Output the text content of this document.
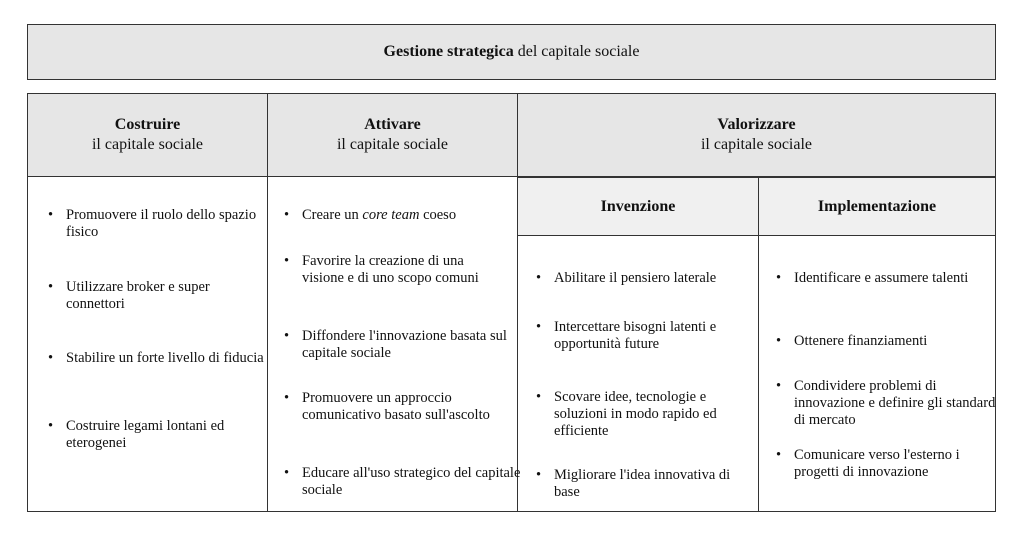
Gestione strategica del capitale sociale
Costruire
il capitale sociale
Attivare
il capitale sociale
Valorizzare
il capitale sociale
Invenzione	Implementazione
• Promuovere il ruolo dello spazio fisico
• Utilizzare broker e super connettori
• Stabilire un forte livello di fiducia
• Costruire legami lontani ed eterogenei
• Creare un core team coeso
• Favorire la creazione di una visione e di uno scopo comuni
• Diffondere l'innovazione basata sul capitale sociale
• Promuovere un approccio comunicativo basato sull'ascolto
• Educare all'uso strategico del capitale sociale
• Abilitare il pensiero laterale
• Intercettare bisogni latenti e opportunità future
• Scovare idee, tecnologie e soluzioni in modo rapido ed efficiente
• Migliorare l'idea innovativa di base
• Identificare e assumere talenti
• Ottenere finanziamenti
• Condividere problemi di innovazione e definire gli standard di mercato
• Comunicare verso l'esterno i progetti di innovazione
